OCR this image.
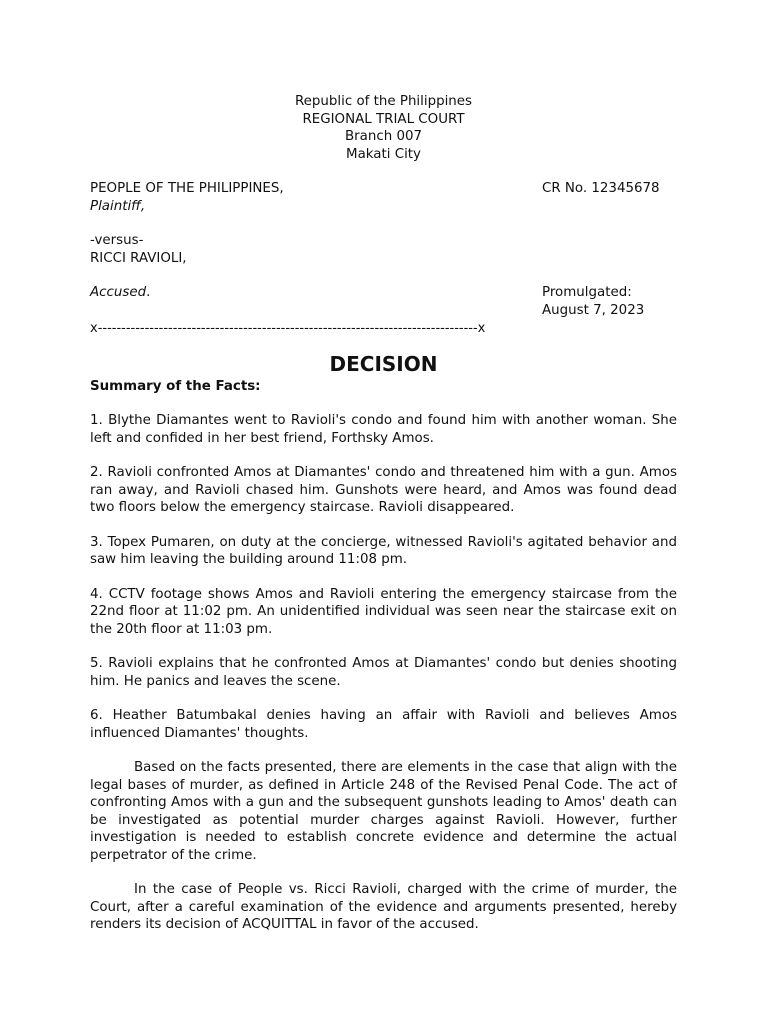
Republic of the Philippines
REGIONAL TRIAL COURT
Branch 007
Makati City
PEOPLE OF THE PHILIPPINES,	CR No. 12345678
Plaintiff,
-versus-
RICCI RAVIOLI,
Accused.	Promulgated:
August 7, 2023
x---------------------------------------------------------------------------------x
DECISION
Summary of the Facts:

1. Blythe Diamantes went to Ravioli's condo and found him with another woman. She left and confided in her best friend, Forthsky Amos.

2. Ravioli confronted Amos at Diamantes' condo and threatened him with a gun. Amos ran away, and Ravioli chased him. Gunshots were heard, and Amos was found dead two floors below the emergency staircase. Ravioli disappeared.

3. Topex Pumaren, on duty at the concierge, witnessed Ravioli's agitated behavior and saw him leaving the building around 11:08 pm.

4. CCTV footage shows Amos and Ravioli entering the emergency staircase from the 22nd floor at 11:02 pm. An unidentified individual was seen near the staircase exit on the 20th floor at 11:03 pm.

5. Ravioli explains that he confronted Amos at Diamantes' condo but denies shooting him. He panics and leaves the scene.

6. Heather Batumbakal denies having an affair with Ravioli and believes Amos influenced Diamantes' thoughts.

Based on the facts presented, there are elements in the case that align with the legal bases of murder, as defined in Article 248 of the Revised Penal Code. The act of confronting Amos with a gun and the subsequent gunshots leading to Amos' death can be investigated as potential murder charges against Ravioli. However, further investigation is needed to establish concrete evidence and determine the actual perpetrator of the crime.

In the case of People vs. Ricci Ravioli, charged with the crime of murder, the Court, after a careful examination of the evidence and arguments presented, hereby renders its decision of ACQUITTAL in favor of the accused.
